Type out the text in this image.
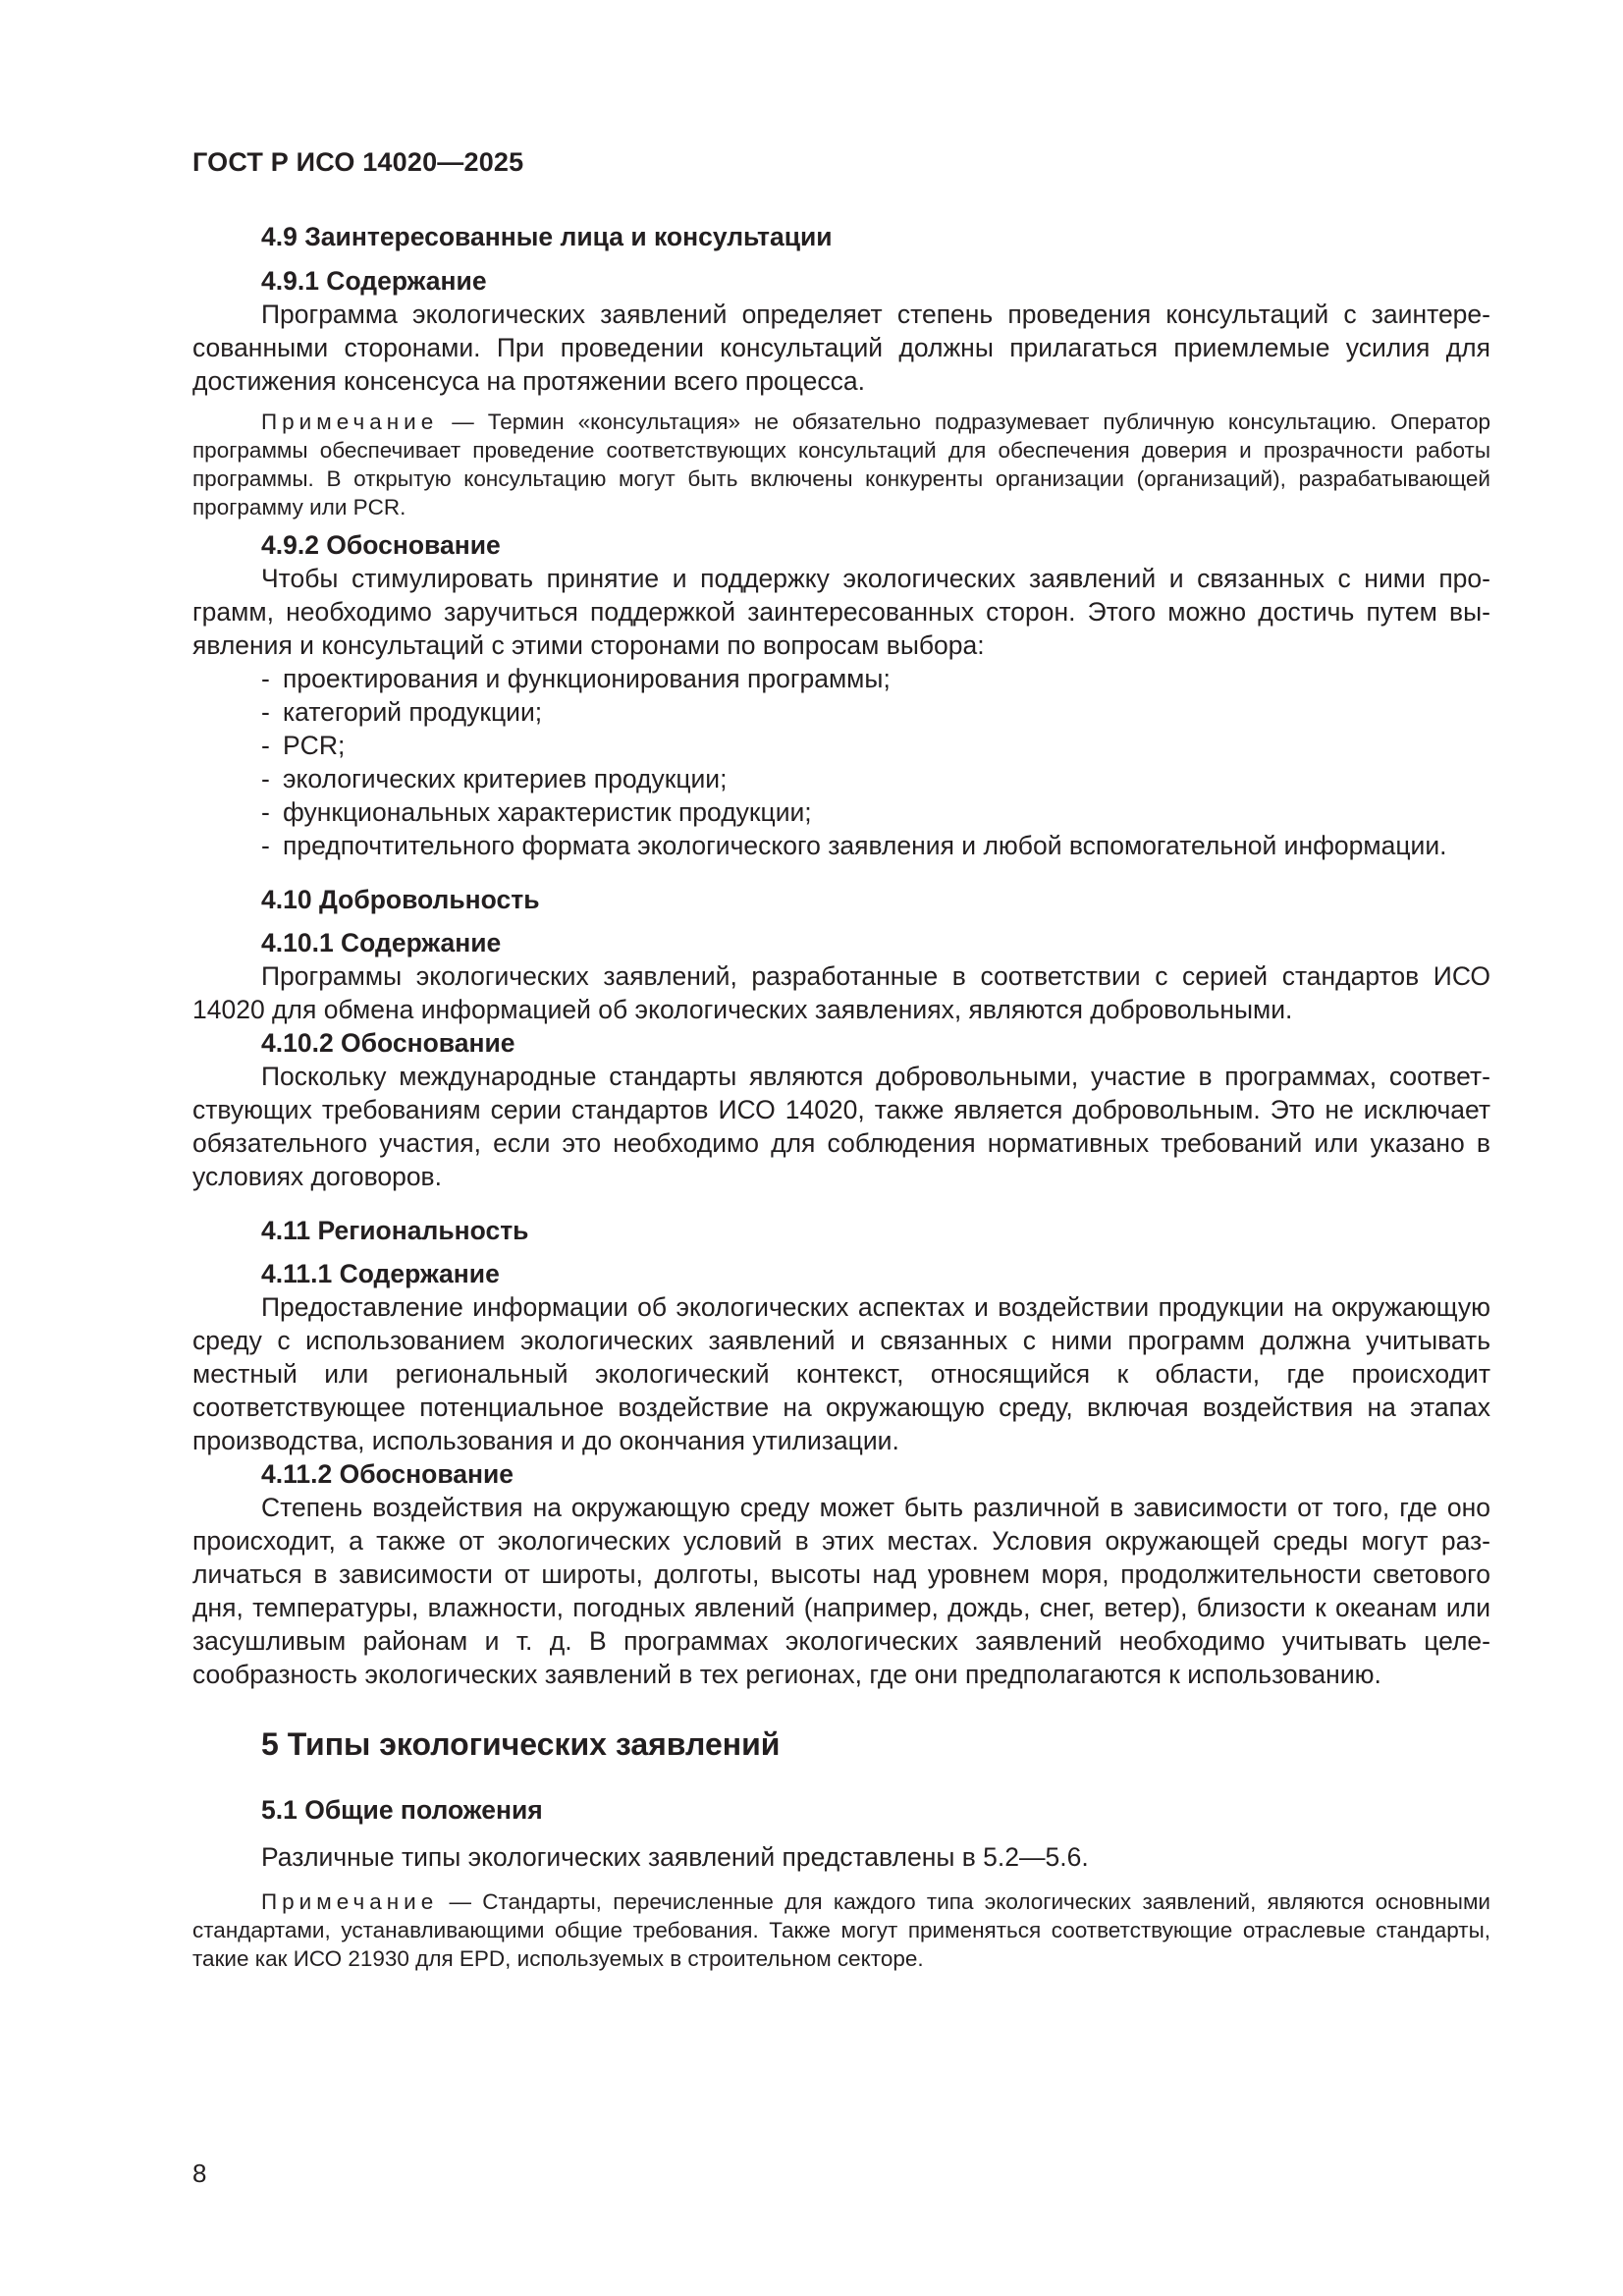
ГОСТ Р ИСО 14020—2025
4.9 Заинтересованные лица и консультации
4.9.1 Содержание

Программа экологических заявлений определяет степень проведения консультаций с заинтересованными сторонами. При проведении консультаций должны прилагаться приемлемые усилия для достижения консенсуса на протяжении всего процесса.

Примечание — Термин «консультация» не обязательно подразумевает публичную консультацию. Оператор программы обеспечивает проведение соответствующих консультаций для обеспечения доверия и прозрачности работы программы. В открытую консультацию могут быть включены конкуренты организации (организаций), разрабатывающей программу или PCR.

4.9.2 Обоснование

Чтобы стимулировать принятие и поддержку экологических заявлений и связанных с ними программ, необходимо заручиться поддержкой заинтересованных сторон. Этого можно достичь путем выявления и консультаций с этими сторонами по вопросам выбора:

- проектирования и функционирования программы;
- категорий продукции;
- PCR;
- экологических критериев продукции;
- функциональных характеристик продукции;
- предпочтительного формата экологического заявления и любой вспомогательной информации.
4.10 Добровольность
4.10.1 Содержание

Программы экологических заявлений, разработанные в соответствии с серией стандартов ИСО 14020 для обмена информацией об экологических заявлениях, являются добровольными.

4.10.2 Обоснование

Поскольку международные стандарты являются добровольными, участие в программах, соответствующих требованиям серии стандартов ИСО 14020, также является добровольным. Это не исключает обязательного участия, если это необходимо для соблюдения нормативных требований или указано в условиях договоров.

4.11 Региональность
4.11.1 Содержание

Предоставление информации об экологических аспектах и воздействии продукции на окружающую среду с использованием экологических заявлений и связанных с ними программ должна учитывать местный или региональный экологический контекст, относящийся к области, где происходит соответствующее потенциальное воздействие на окружающую среду, включая воздействия на этапах производства, использования и до окончания утилизации.

4.11.2 Обоснование

Степень воздействия на окружающую среду может быть различной в зависимости от того, где оно происходит, а также от экологических условий в этих местах. Условия окружающей среды могут различаться в зависимости от широты, долготы, высоты над уровнем моря, продолжительности светового дня, температуры, влажности, погодных явлений (например, дождь, снег, ветер), близости к океанам или засушливым районам и т. д. В программах экологических заявлений необходимо учитывать целесообразность экологических заявлений в тех регионах, где они предполагаются к использованию.

5 Типы экологических заявлений
5.1 Общие положения

Различные типы экологических заявлений представлены в 5.2—5.6.

Примечание — Стандарты, перечисленные для каждого типа экологических заявлений, являются основными стандартами, устанавливающими общие требования. Также могут применяться соответствующие отраслевые стандарты, такие как ИСО 21930 для EPD, используемых в строительном секторе.

8
